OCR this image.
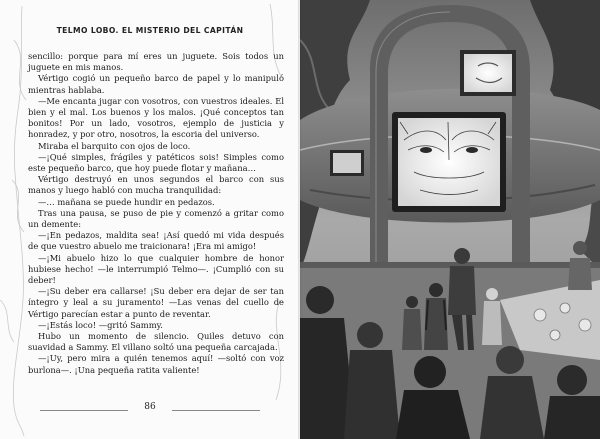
TELMO LOBO. EL MISTERIO DEL CAPITÁN

sencillo: porque para mí eres un juguete. Sois todos un juguete en mis manos.

Vértigo cogió un pequeño barco de papel y lo manipuló mientras hablaba.

—Me encanta jugar con vosotros, con vuestros ideales. El bien y el mal. Los buenos y los malos. ¡Qué conceptos tan bonitos! Por un lado, vosotros, ejemplo de justicia y honradez, y por otro, nosotros, la escoria del universo.

Miraba el barquito con ojos de loco.

—¡Qué simples, frágiles y patéticos sois! Simples como este pequeño barco, que hoy puede flotar y mañana…

Vértigo destruyó en unos segundos el barco con sus manos y luego habló con mucha tranquilidad:

—… mañana se puede hundir en pedazos.

Tras una pausa, se puso de pie y comenzó a gritar como un demente:

—¡En pedazos, maldita sea! ¡Así quedó mi vida después de que vuestro abuelo me traicionara! ¡Era mi amigo!

—¡Mi abuelo hizo lo que cualquier hombre de honor hubiese hecho! —le interrumpió Telmo—. ¡Cumplió con su deber!

—¡Su deber era callarse! ¡Su deber era dejar de ser tan íntegro y leal a su juramento! —Las venas del cuello de Vértigo parecían estar a punto de reventar.

—¡Estás loco! —gritó Sammy.

Hubo un momento de silencio. Quiles detuvo con suavidad a Sammy. El villano soltó una pequeña carcajada.

—¡Uy, pero mira a quién tenemos aquí! —soltó con voz burlona—. ¡Una pequeña ratita valiente!

86
